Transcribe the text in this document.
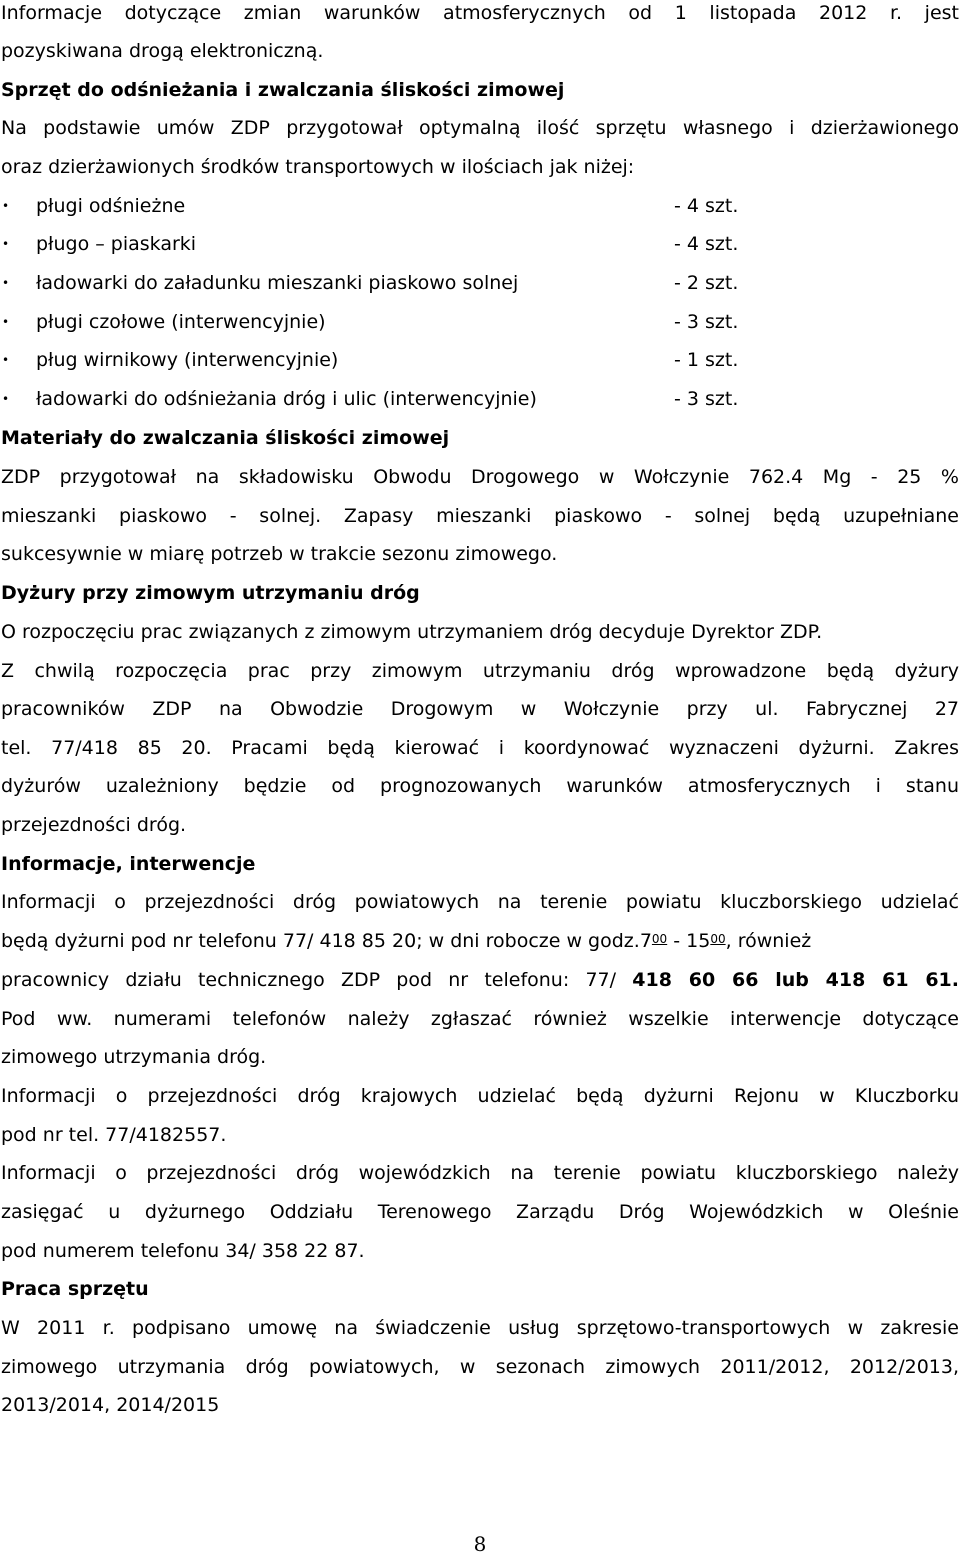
Informacje dotyczące zmian warunków atmosferycznych od 1 listopada 2012 r. jest
pozyskiwana drogą elektroniczną.
Sprzęt do odśnieżania i zwalczania śliskości zimowej
Na podstawie umów ZDP przygotował optymalną ilość sprzętu własnego i dzierżawionego
oraz dzierżawionych środków transportowych w ilościach jak niżej:
• pługi odśnieżne	- 4 szt.
• pługo – piaskarki	- 4 szt.
• ładowarki do załadunku mieszanki piaskowo solnej	- 2 szt.
• pługi czołowe (interwencyjnie)	- 3 szt.
• pług wirnikowy (interwencyjnie)	- 1 szt.
• ładowarki do odśnieżania dróg i ulic (interwencyjnie)	- 3 szt.
Materiały do zwalczania śliskości zimowej
ZDP przygotował na składowisku Obwodu Drogowego w Wołczynie 762.4 Mg - 25 %
mieszanki piaskowo - solnej. Zapasy mieszanki piaskowo - solnej będą uzupełniane
sukcesywnie w miarę potrzeb w trakcie sezonu zimowego.
Dyżury przy zimowym utrzymaniu dróg
O rozpoczęciu prac związanych z zimowym utrzymaniem dróg decyduje Dyrektor ZDP.
Z chwilą rozpoczęcia prac przy zimowym utrzymaniu dróg wprowadzone będą dyżury
pracowników ZDP na Obwodzie Drogowym w Wołczynie przy ul. Fabrycznej 27
tel. 77/418 85 20. Pracami będą kierować i koordynować wyznaczeni dyżurni. Zakres
dyżurów uzależniony będzie od prognozowanych warunków atmosferycznych i stanu
przejezdności dróg.
Informacje, interwencje
Informacji o przejezdności dróg powiatowych na terenie powiatu kluczborskiego udzielać
będą dyżurni pod nr telefonu 77/ 418 85 20; w dni robocze w $godz.7^{00} - 15^{00}$, również
pracownicy działu technicznego ZDP pod nr telefonu: 77/ 418 60 66 lub 418 61 61.
Pod ww. numerami telefonów należy zgłaszać również wszelkie interwencje dotyczące
zimowego utrzymania dróg.
Informacji o przejezdności dróg krajowych udzielać będą dyżurni Rejonu w Kluczborku
pod nr tel. 77/4182557.
Informacji o przejezdności dróg wojewódzkich na terenie powiatu kluczborskiego należy
zasięgać u dyżurnego Oddziału Terenowego Zarządu Dróg Wojewódzkich w Oleśnie
pod numerem telefonu 34/ 358 22 87.
Praca sprzętu
W 2011 r. podpisano umowę na świadczenie usług sprzętowo-transportowych w zakresie
zimowego utrzymania dróg powiatowych, w sezonach zimowych 2011/2012, 2012/2013,
2013/2014, 2014/2015
8
